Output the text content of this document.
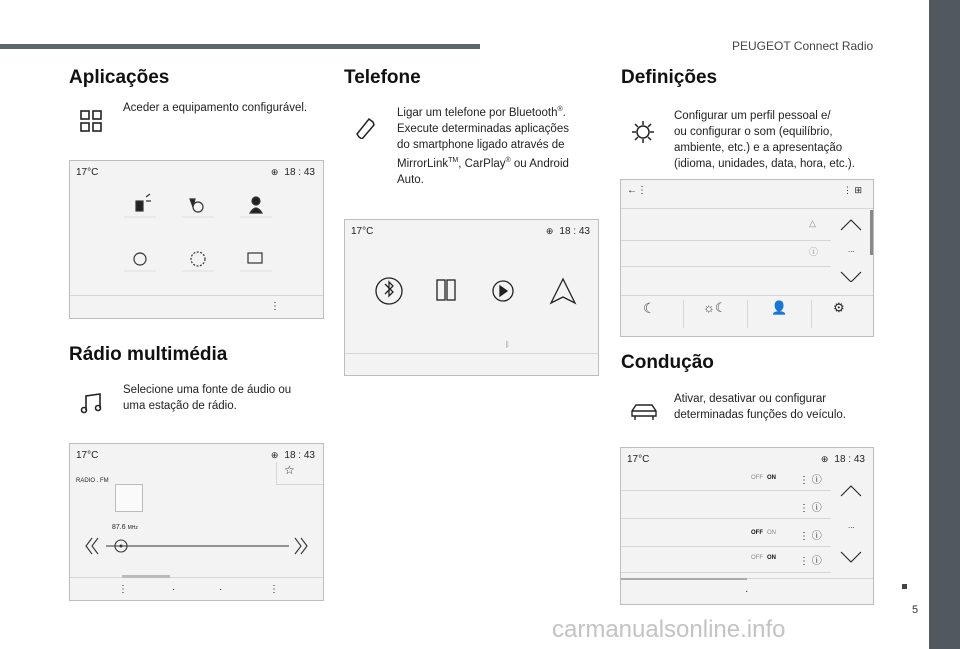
PEUGEOT Connect Radio
5
carmanualsonline.info
Aplicações
Aceder a equipamento configurável.
17°C	⊕ 18 : 43
⋮
Rádio multimédia
Selecione uma fonte de áudio ou
uma estação de rádio.
17°C	⊕ 18 : 43
RADIO . FM
☆
87.6 MHz
⋮	·	·	⋮
Telefone
Ligar um telefone por Bluetooth®.
Execute determinadas aplicações
do smartphone ligado através de
MirrorLink™, CarPlay® ou Android
Auto.
17°C	⊕ 18 : 43
ᛒ
Definições
Configurar um perfil pessoal e/
ou configurar o som (equilíbrio,
ambiente, etc.) e a apresentação
(idioma, unidades, data, hora, etc.).
←⋮	⋮ ⊞
△
ⓘ	...
☾	☼☾	👤	⚙
Condução
Ativar, desativar ou configurar
determinadas funções do veículo.
17°C	⊕ 18 : 43
OFF ON ⋮ ⓘ
⋮ ⓘ
OFF ON	⋮ ⓘ
OFF ON ⋮ ⓘ
...
·
